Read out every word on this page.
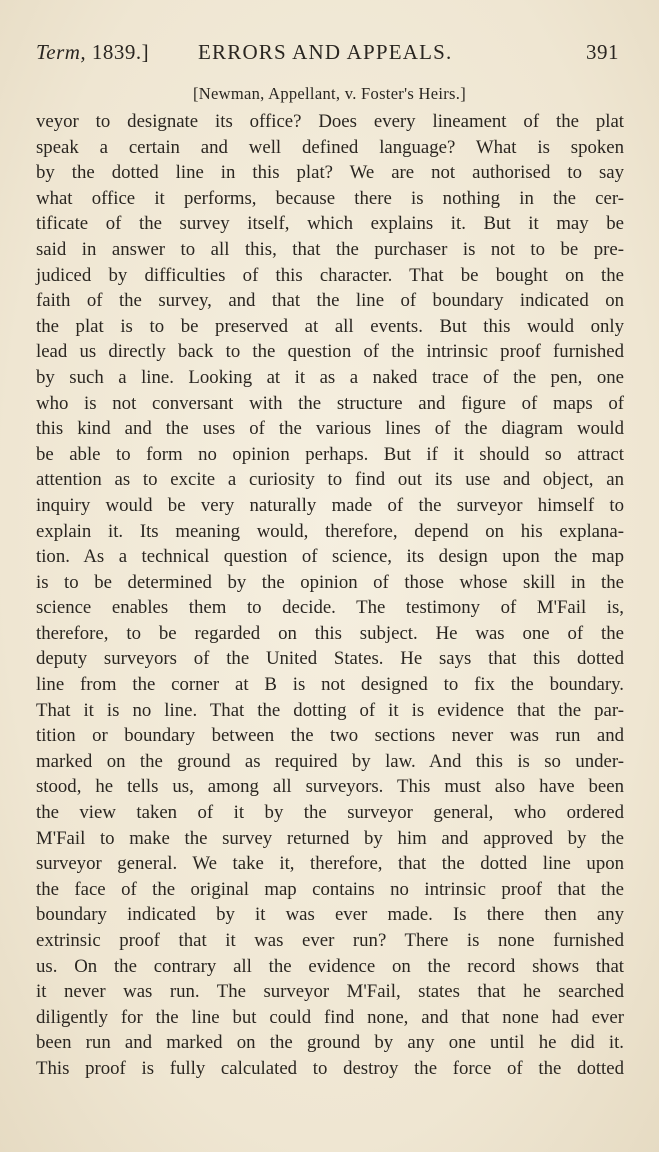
Term, 1839.] ERRORS AND APPEALS.	391
[Newman, Appellant, v. Foster's Heirs.]
veyor to designate its office? Does every lineament of the plat
speak a certain and well defined language? What is spoken
by the dotted line in this plat? We are not authorised to say
what office it performs, because there is nothing in the cer-
tificate of the survey itself, which explains it. But it may be
said in answer to all this, that the purchaser is not to be pre-
judiced by difficulties of this character. That be bought on the
faith of the survey, and that the line of boundary indicated on
the plat is to be preserved at all events. But this would only
lead us directly back to the question of the intrinsic proof furnished
by such a line. Looking at it as a naked trace of the pen, one
who is not conversant with the structure and figure of maps of
this kind and the uses of the various lines of the diagram would
be able to form no opinion perhaps. But if it should so attract
attention as to excite a curiosity to find out its use and object, an
inquiry would be very naturally made of the surveyor himself to
explain it. Its meaning would, therefore, depend on his explana-
tion. As a technical question of science, its design upon the map
is to be determined by the opinion of those whose skill in the
science enables them to decide. The testimony of M'Fail is,
therefore, to be regarded on this subject. He was one of the
deputy surveyors of the United States. He says that this dotted
line from the corner at B is not designed to fix the boundary.
That it is no line. That the dotting of it is evidence that the par-
tition or boundary between the two sections never was run and
marked on the ground as required by law. And this is so under-
stood, he tells us, among all surveyors. This must also have been
the view taken of it by the surveyor general, who ordered
M'Fail to make the survey returned by him and approved by the
surveyor general. We take it, therefore, that the dotted line upon
the face of the original map contains no intrinsic proof that the
boundary indicated by it was ever made. Is there then any
extrinsic proof that it was ever run? There is none furnished
us. On the contrary all the evidence on the record shows that
it never was run. The surveyor M'Fail, states that he searched
diligently for the line but could find none, and that none had ever
been run and marked on the ground by any one until he did it.
This proof is fully calculated to destroy the force of the dotted
